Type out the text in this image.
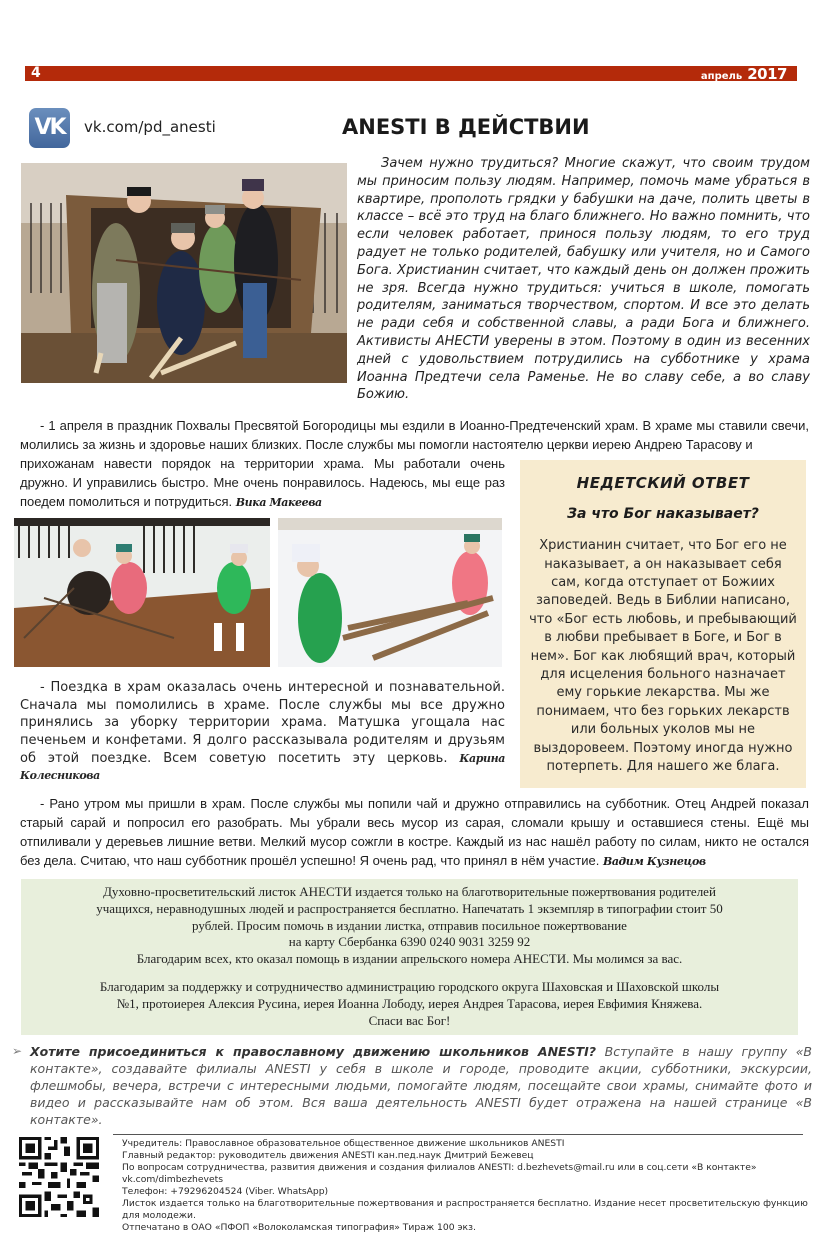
4	апрель 2017
VK	vk.com/pd_anesti	ANESTI В ДЕЙСТВИИ

Зачем нужно трудиться? Многие скажут, что своим трудом мы приносим пользу людям. Например, помочь маме убраться в квартире, прополоть грядки у бабушки на даче, полить цветы в классе – всё это труд на благо ближнего. Но важно помнить, что если человек работает, принося пользу людям, то его труд радует не только родителей, бабушку или учителя, но и Самого Бога. Христианин считает, что каждый день он должен прожить не зря. Всегда нужно трудиться: учиться в школе, помогать родителям, заниматься творчеством, спортом. И все это делать не ради себя и собственной славы, а ради Бога и ближнего. Активисты АНЕСТИ уверены в этом. Поэтому в один из весенних дней с удовольствием потрудились на субботнике у храма Иоанна Предтечи села Раменье. Не во славу себе, а во славу Божию.

- 1 апреля в праздник Похвалы Пресвятой Богородицы мы ездили в Иоанно-Предтеченский храм. В храме мы ставили свечи, молились за жизнь и здоровье наших близких. После службы мы помогли настоятелю церкви иерею Андрею Тарасову и

прихожанам навести порядок на территории храма. Мы работали очень дружно. И управились быстро. Мне очень понравилось. Надеюсь, мы еще раз поедем помолиться и потрудиться. Вика Макеева

- Поездка в храм оказалась очень интересной и познавательной. Сначала мы помолились в храме. После службы мы все дружно принялись за уборку территории храма. Матушка угощала нас печеньем и конфетами. Я долго рассказывала родителям и друзьям об этой поездке. Всем советую посетить эту церковь. Карина Колесникова

НЕДЕТСКИЙ ОТВЕТ
За что Бог наказывает?
Христианин считает, что Бог его не наказывает, а он наказывает себя сам, когда отступает от Божиих заповедей. Ведь в Библии написано, что «Бог есть любовь, и пребывающий в любви пребывает в Боге, и Бог в нем». Бог как любящий врач, который для исцеления больного назначает ему горькие лекарства. Мы же понимаем, что без горьких лекарств или больных уколов мы не выздоровеем. Поэтому иногда нужно потерпеть. Для нашего же блага.

- Рано утром мы пришли в храм. После службы мы попили чай и дружно отправились на субботник. Отец Андрей показал старый сарай и попросил его разобрать. Мы убрали весь мусор из сарая, сломали крышу и оставшиеся стены. Ещё мы отпиливали у деревьев лишние ветви. Мелкий мусор сожгли в костре. Каждый из нас нашёл работу по силам, никто не остался без дела. Считаю, что наш субботник прошёл успешно! Я очень рад, что принял в нём участие. Вадим Кузнецов

Духовно-просветительский листок АНЕСТИ издается только на благотворительные пожертвования родителей
учащихся, неравнодушных людей и распространяется бесплатно. Напечатать 1 экземпляр в типографии стоит 50
рублей. Просим помочь в издании листка, отправив посильное пожертвование
на карту Сбербанка 6390 0240 9031 3259 92
Благодарим всех, кто оказал помощь в издании апрельского номера АНЕСТИ. Мы молимся за вас.
Благодарим за поддержку и сотрудничество администрацию городского округа Шаховская и Шаховской школы
№1, протоиерея Алексия Русина, иерея Иоанна Лободу, иерея Андрея Тарасова, иерея Евфимия Княжева.
Спаси вас Бог!
➢ Хотите присоединиться к православному движению школьников ANESTI? Вступайте в нашу группу «В контакте», создавайте филиалы ANESTI у себя в школе и городе, проводите акции, субботники, экскурсии, флешмобы, вечера, встречи с интересными людьми, помогайте людям, посещайте свои храмы, снимайте фото и видео и рассказывайте нам об этом. Вся ваша деятельность ANESTI будет отражена на нашей странице «В контакте».
Учредитель: Православное образовательное общественное движение школьников ANESTI
Главный редактор: руководитель движения ANESTI кан.пед.наук Дмитрий Бежевец
По вопросам сотрудничества, развития движения и создания филиалов ANESTI: d.bezhevets@mail.ru или в соц.сети «В контакте» vk.com/dimbezhevets
Телефон: +79296204524 (Viber. WhatsApp)
Листок издается только на благотворительные пожертвования и распространяется бесплатно. Издание несет просветительскую функцию для молодежи.
Отпечатано в ОАО «ПФОП «Волоколамская типография» Тираж 100 экз.
